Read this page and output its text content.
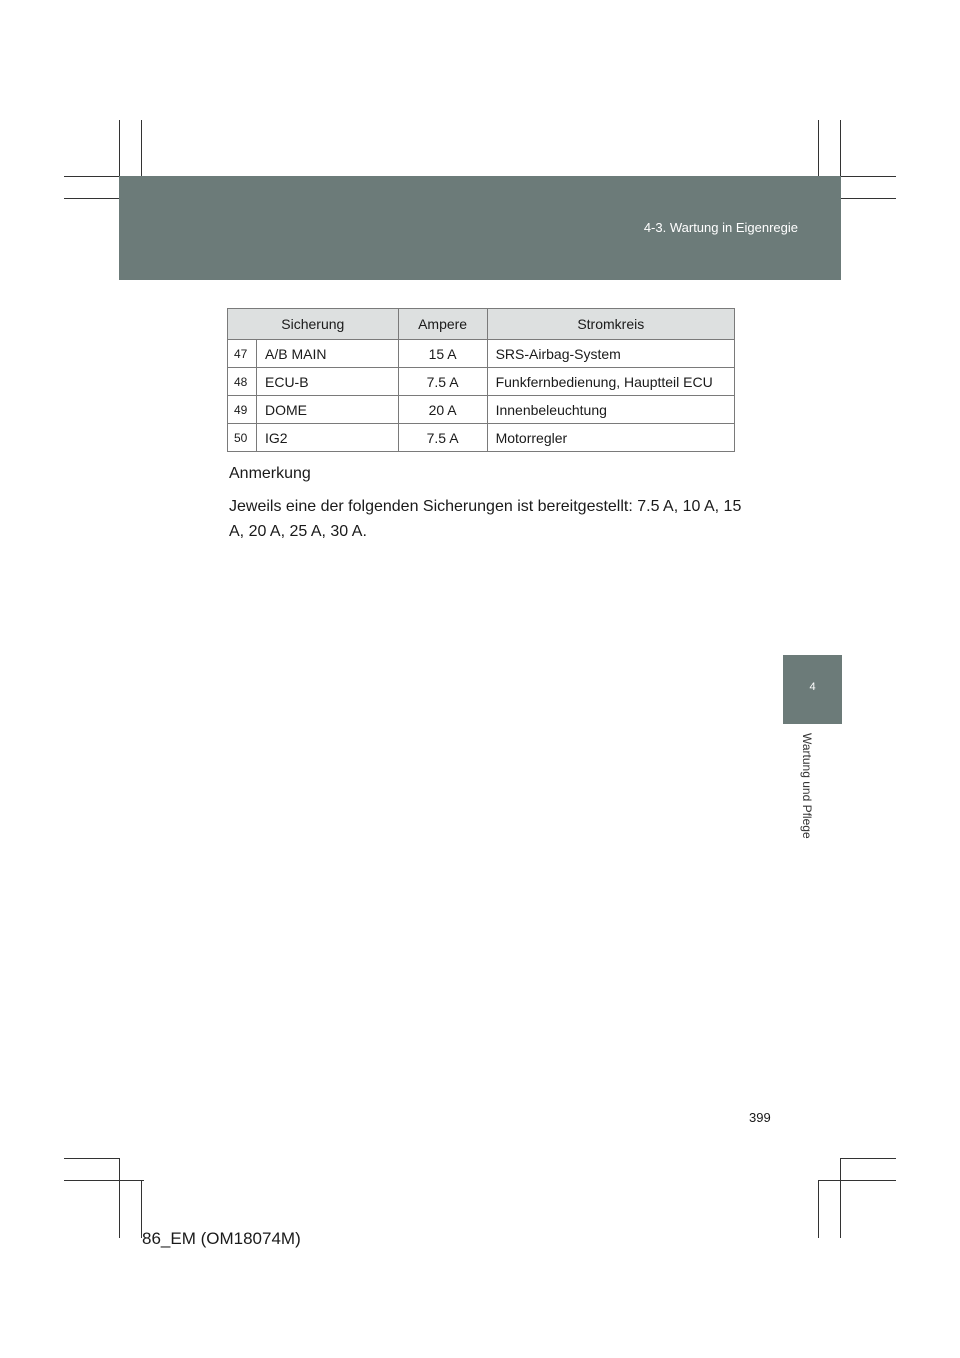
4-3. Wartung in Eigenregie
4
Wartung und Pflege
Sicherung		Ampere	Stromkreis
47	A/B MAIN	15 A	SRS-Airbag-System
48	ECU-B	7.5 A	Funkfernbedienung, Hauptteil ECU
49	DOME	20 A	Innenbeleuchtung
50	IG2	7.5 A	Motorregler
Anmerkung
Jeweils eine der folgenden Sicherungen ist bereitgestellt: 7.5 A, 10 A, 15 A, 20 A, 25 A, 30 A.
399
86_EM (OM18074M)
